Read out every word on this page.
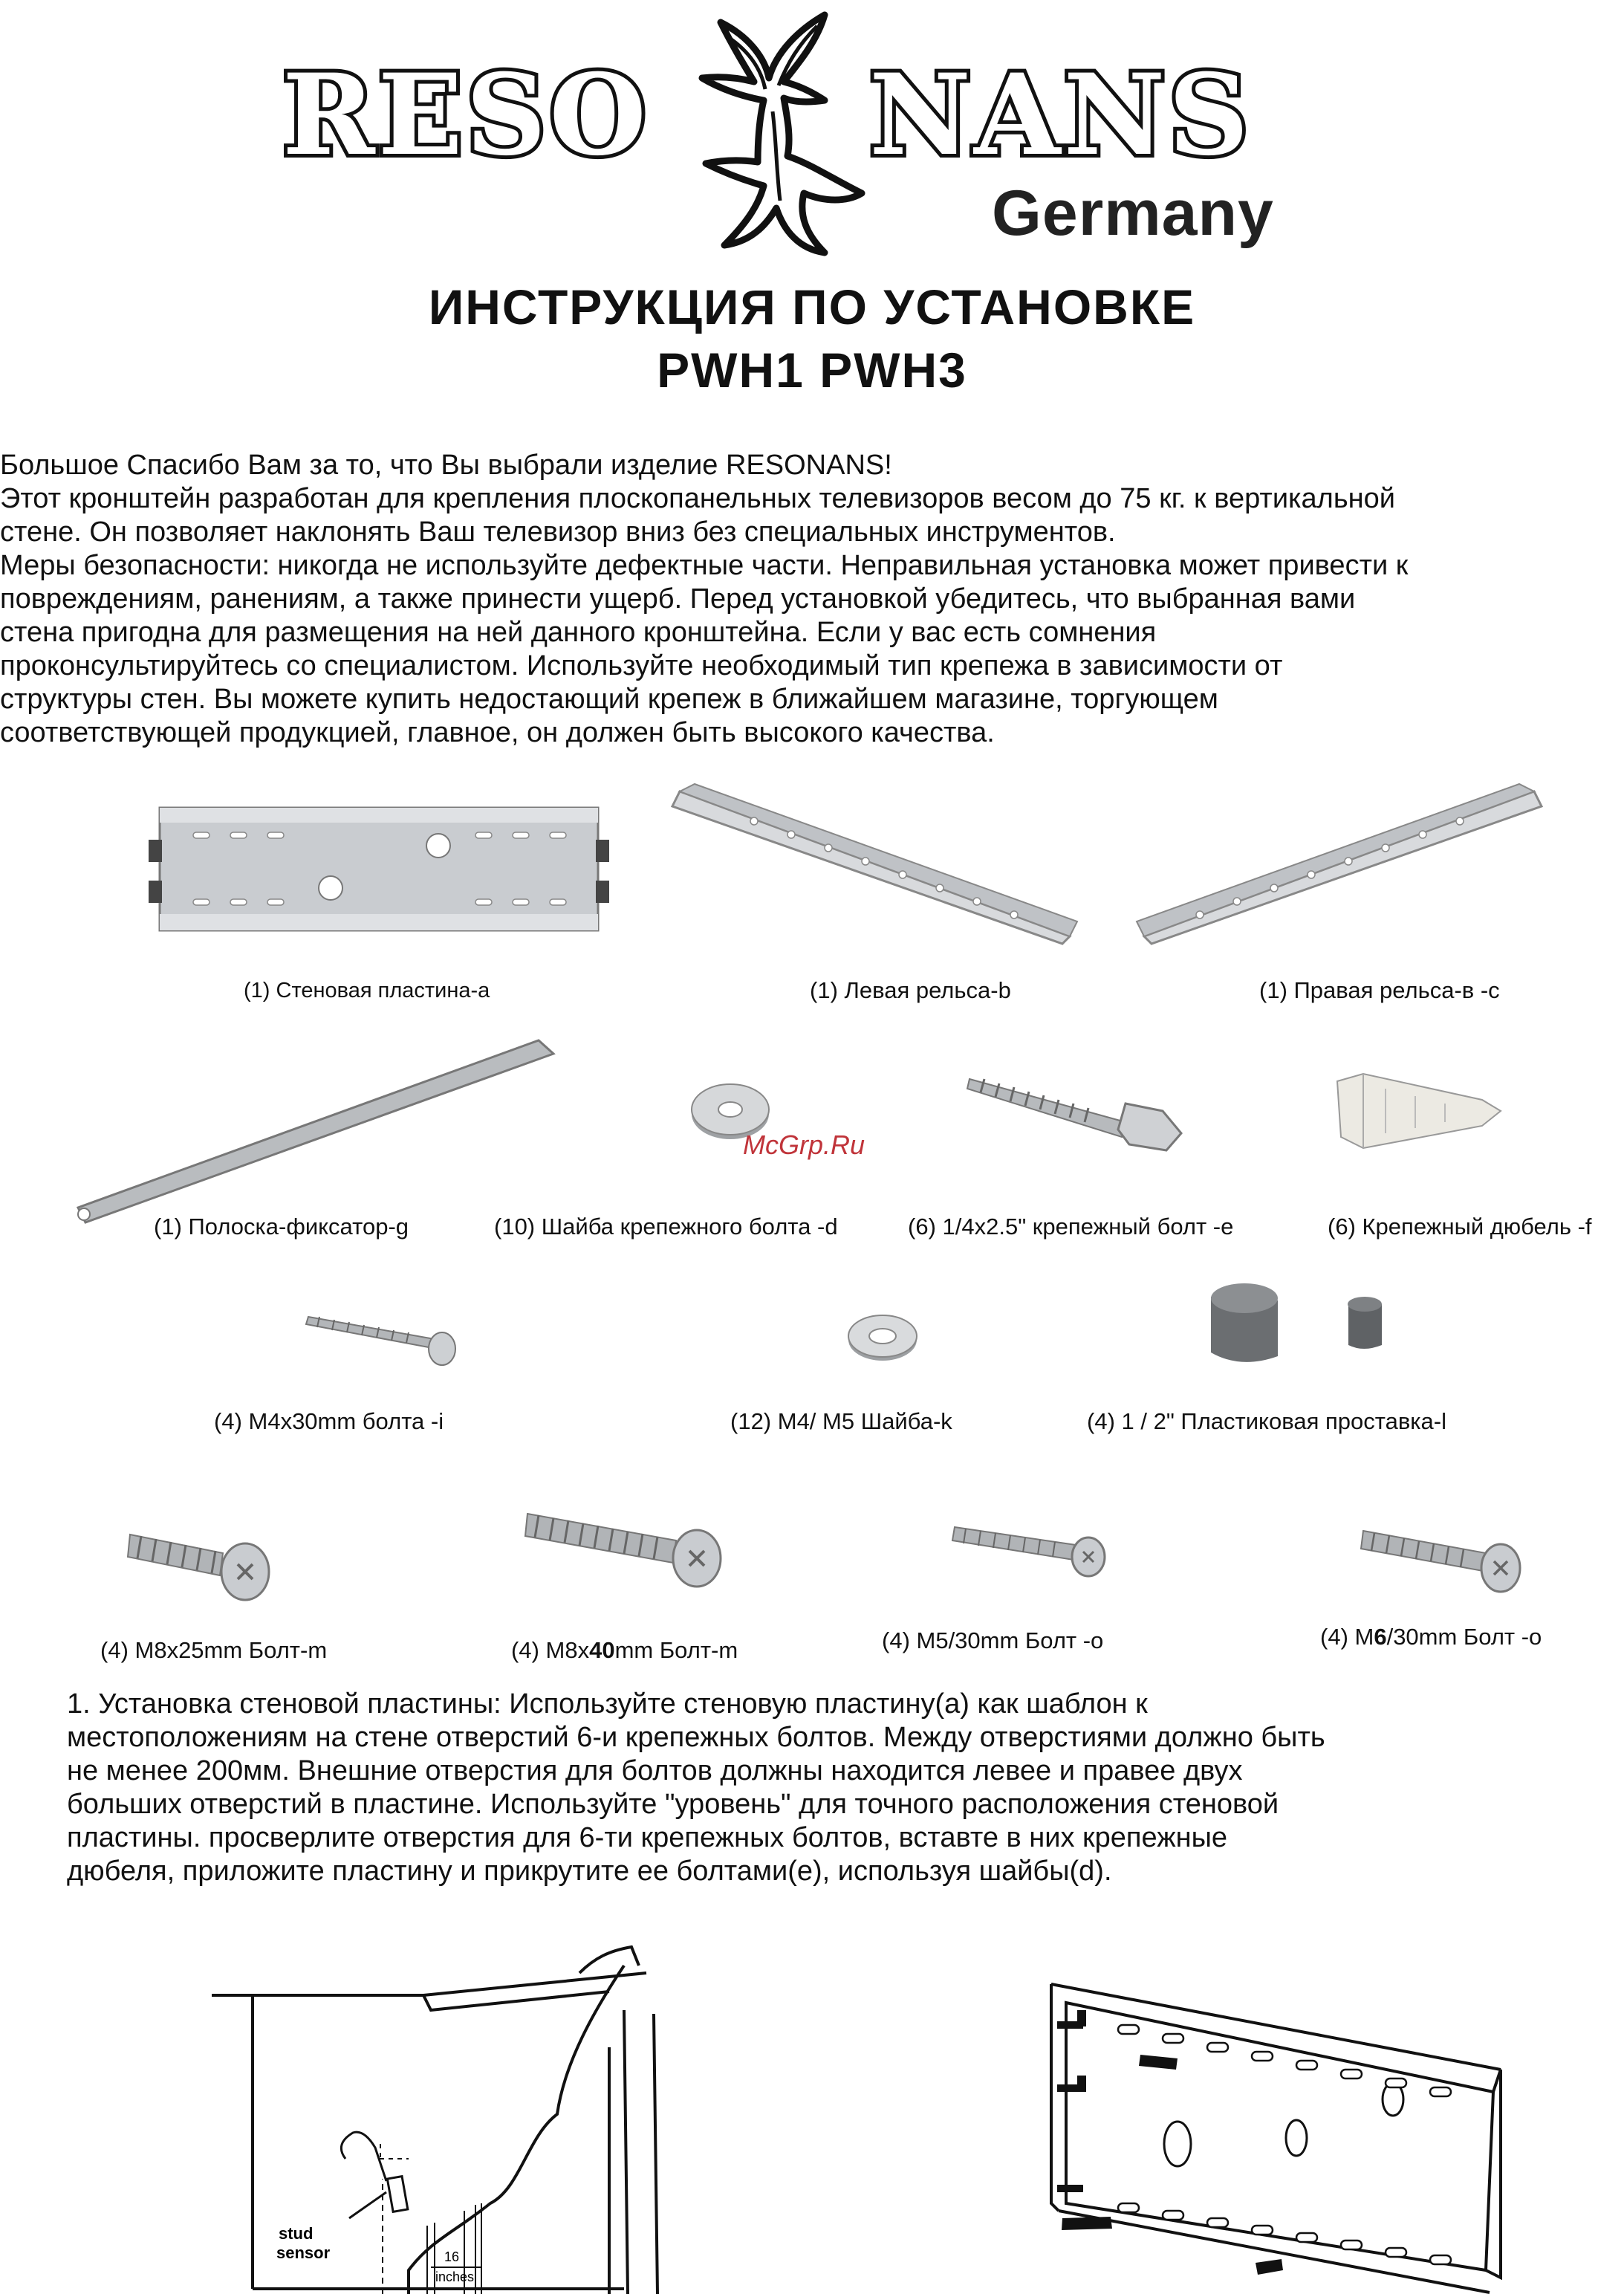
RESO NANS
Germany
ИНСТРУКЦИЯ ПО УСТАНОВКЕ
PWH1 PWH3

Большое Спасибо Вам за то, что Вы выбрали изделие RESONANS!

Этот кронштейн разработан для крепления плоскопанельных телевизоров весом до 75 кг. к вертикальной

стене. Он позволяет наклонять Ваш телевизор вниз без специальных инструментов.

Меры безопасности: никогда не используйте дефектные части. Неправильная установка может привести к

повреждениям, ранениям, а также принести ущерб. Перед установкой убедитесь, что выбранная вами

стена пригодна для размещения на ней данного кронштейна. Если у вас есть сомнения

проконсультируйтесь со специалистом. Используйте необходимый тип крепежа в зависимости от

структуры стен. Вы можете купить недостающий крепеж в ближайшем магазине, торгующем

соответствующей продукцией, главное, он должен быть высокого качества.

(1) Стеновая пластина-a	(1) Левая рельса-b	(1) Правая рельса-в -c
(1) Полоска-фиксатор-g
McGrp.Ru
(10) Шайба крепежного болта -d	(6) 1/4x2.5" крепежный болт -e	(6) Крепежный дюбель -f
(4) M4x30mm болта -i	(12) M4/ M5 Шайба-k	(4) 1 / 2" Пластиковая проставка-l
(4) M8x25mm Болт-m	(4) M8x40mm Болт-m	(4) M5/30mm Болт -o	(4) M6/30mm Болт -o
1. Установка стеновой пластины: Используйте стеновую пластину(a) как шаблон к
местоположениям на стене отверстий 6-и крепежных болтов. Между отверстиями должно быть
не менее 200мм. Внешние отверстия для болтов должны находится левее и правее двух
больших отверстий в пластине. Используйте "уровень" для точного расположения стеновой
пластины. просверлите отверстия для 6-ти крепежных болтов, вставте в них крепежные
дюбеля, приложите пластину и прикрутите ее болтами(e), используя шайбы(d).
stud
sensor	16
inches
